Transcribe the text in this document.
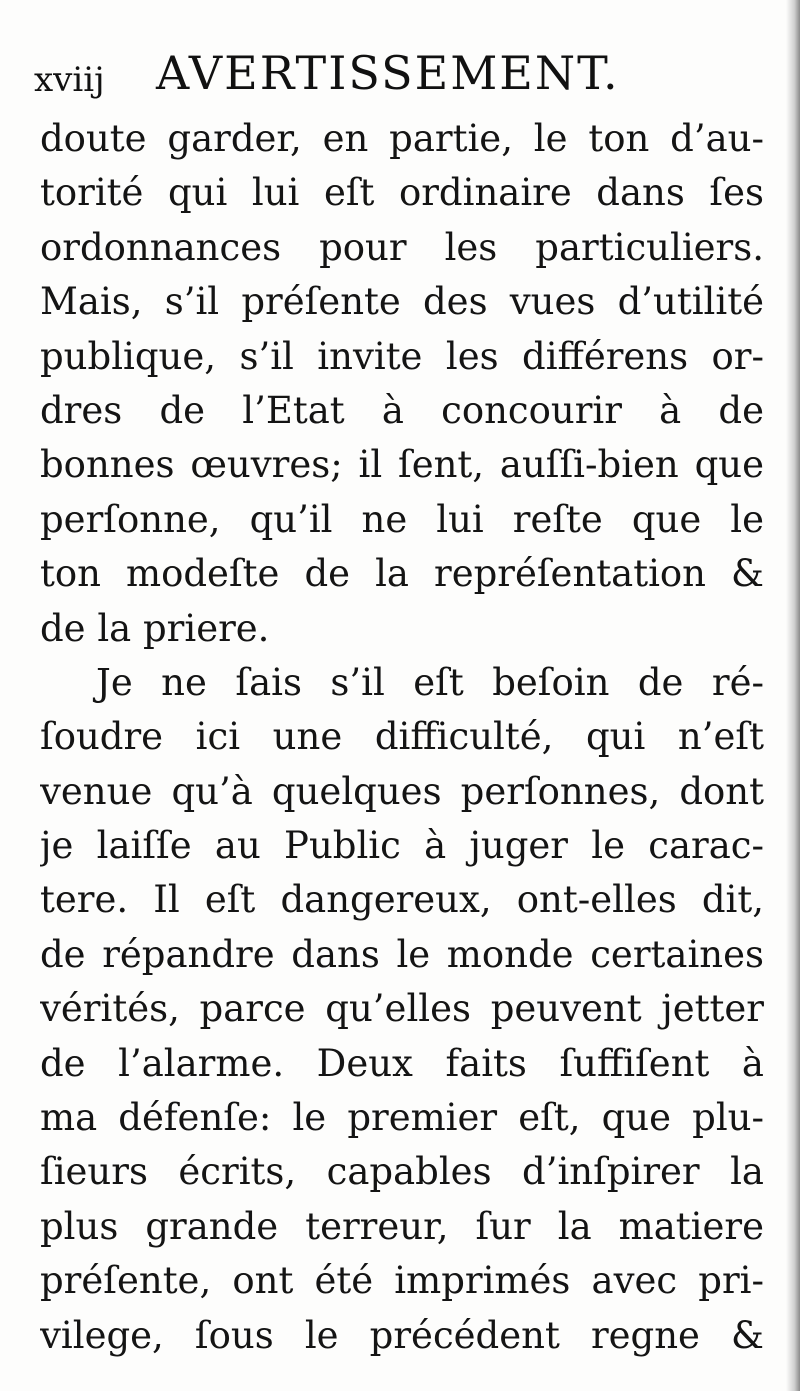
xviij AVERTISSEMENT.
doute garder, en partie, le ton d’au-
torité qui lui eſt ordinaire dans ſes
ordonnances pour les particuliers.
Mais, s’il préſente des vues d’utilité
publique, s’il invite les différens or-
dres de l’Etat à concourir à de
bonnes œuvres; il ſent, auſſi-bien que
perſonne, qu’il ne lui reſte que le
ton modeſte de la repréſentation &
de la priere.
Je ne ſais s’il eſt beſoin de ré-
ſoudre ici une difficulté, qui n’eſt
venue qu’à quelques perſonnes, dont
je laiſſe au Public à juger le carac-
tere. Il eſt dangereux, ont-elles dit,
de répandre dans le monde certaines
vérités, parce qu’elles peuvent jetter
de l’alarme. Deux faits ſuffiſent à
ma défenſe: le premier eſt, que plu-
ſieurs écrits, capables d’inſpirer la
plus grande terreur, ſur la matiere
préſente, ont été imprimés avec pri-
vilege, ſous le précédent regne &
